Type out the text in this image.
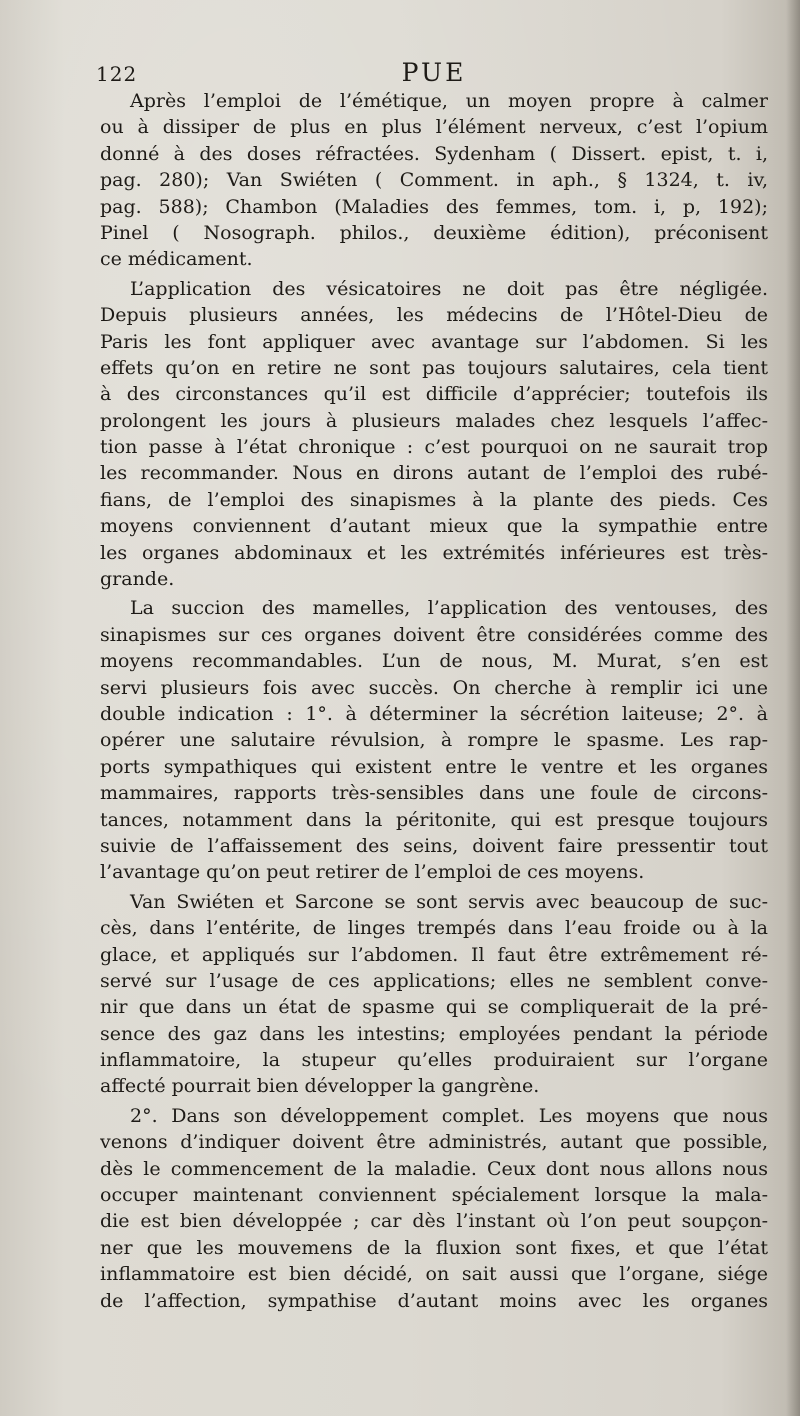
122	PUE
Après l’emploi de l’émétique, un moyen propre à calmer
ou à dissiper de plus en plus l’élément nerveux, c’est l’opium
donné à des doses réfractées. Sydenham ( Dissert. epist, t. i,
pag. 280); Van Swiéten ( Comment. in aph., § 1324, t. iv,
pag. 588); Chambon (Maladies des femmes, tom. i, p, 192);
Pinel ( Nosograph. philos., deuxième édition), préconisent
ce médicament.
L’application des vésicatoires ne doit pas être négligée.
Depuis plusieurs années, les médecins de l’Hôtel-Dieu de
Paris les font appliquer avec avantage sur l’abdomen. Si les
effets qu’on en retire ne sont pas toujours salutaires, cela tient
à des circonstances qu’il est difficile d’apprécier; toutefois ils
prolongent les jours à plusieurs malades chez lesquels l’affec-
tion passe à l’état chronique : c’est pourquoi on ne saurait trop
les recommander. Nous en dirons autant de l’emploi des rubé-
fians, de l’emploi des sinapismes à la plante des pieds. Ces
moyens conviennent d’autant mieux que la sympathie entre
les organes abdominaux et les extrémités inférieures est très-
grande.
La succion des mamelles, l’application des ventouses, des
sinapismes sur ces organes doivent être considérées comme des
moyens recommandables. L’un de nous, M. Murat, s’en est
servi plusieurs fois avec succès. On cherche à remplir ici une
double indication : 1°. à déterminer la sécrétion laiteuse; 2°. à
opérer une salutaire révulsion, à rompre le spasme. Les rap-
ports sympathiques qui existent entre le ventre et les organes
mammaires, rapports très-sensibles dans une foule de circons-
tances, notamment dans la péritonite, qui est presque toujours
suivie de l’affaissement des seins, doivent faire pressentir tout
l’avantage qu’on peut retirer de l’emploi de ces moyens.
Van Swiéten et Sarcone se sont servis avec beaucoup de suc-
cès, dans l’entérite, de linges trempés dans l’eau froide ou à la
glace, et appliqués sur l’abdomen. Il faut être extrêmement ré-
servé sur l’usage de ces applications; elles ne semblent conve-
nir que dans un état de spasme qui se compliquerait de la pré-
sence des gaz dans les intestins; employées pendant la période
inflammatoire, la stupeur qu’elles produiraient sur l’organe
affecté pourrait bien développer la gangrène.
2°. Dans son développement complet. Les moyens que nous
venons d’indiquer doivent être administrés, autant que possible,
dès le commencement de la maladie. Ceux dont nous allons nous
occuper maintenant conviennent spécialement lorsque la mala-
die est bien développée ; car dès l’instant où l’on peut soupçon-
ner que les mouvemens de la fluxion sont fixes, et que l’état
inflammatoire est bien décidé, on sait aussi que l’organe, siége
de l’affection, sympathise d’autant moins avec les organes
